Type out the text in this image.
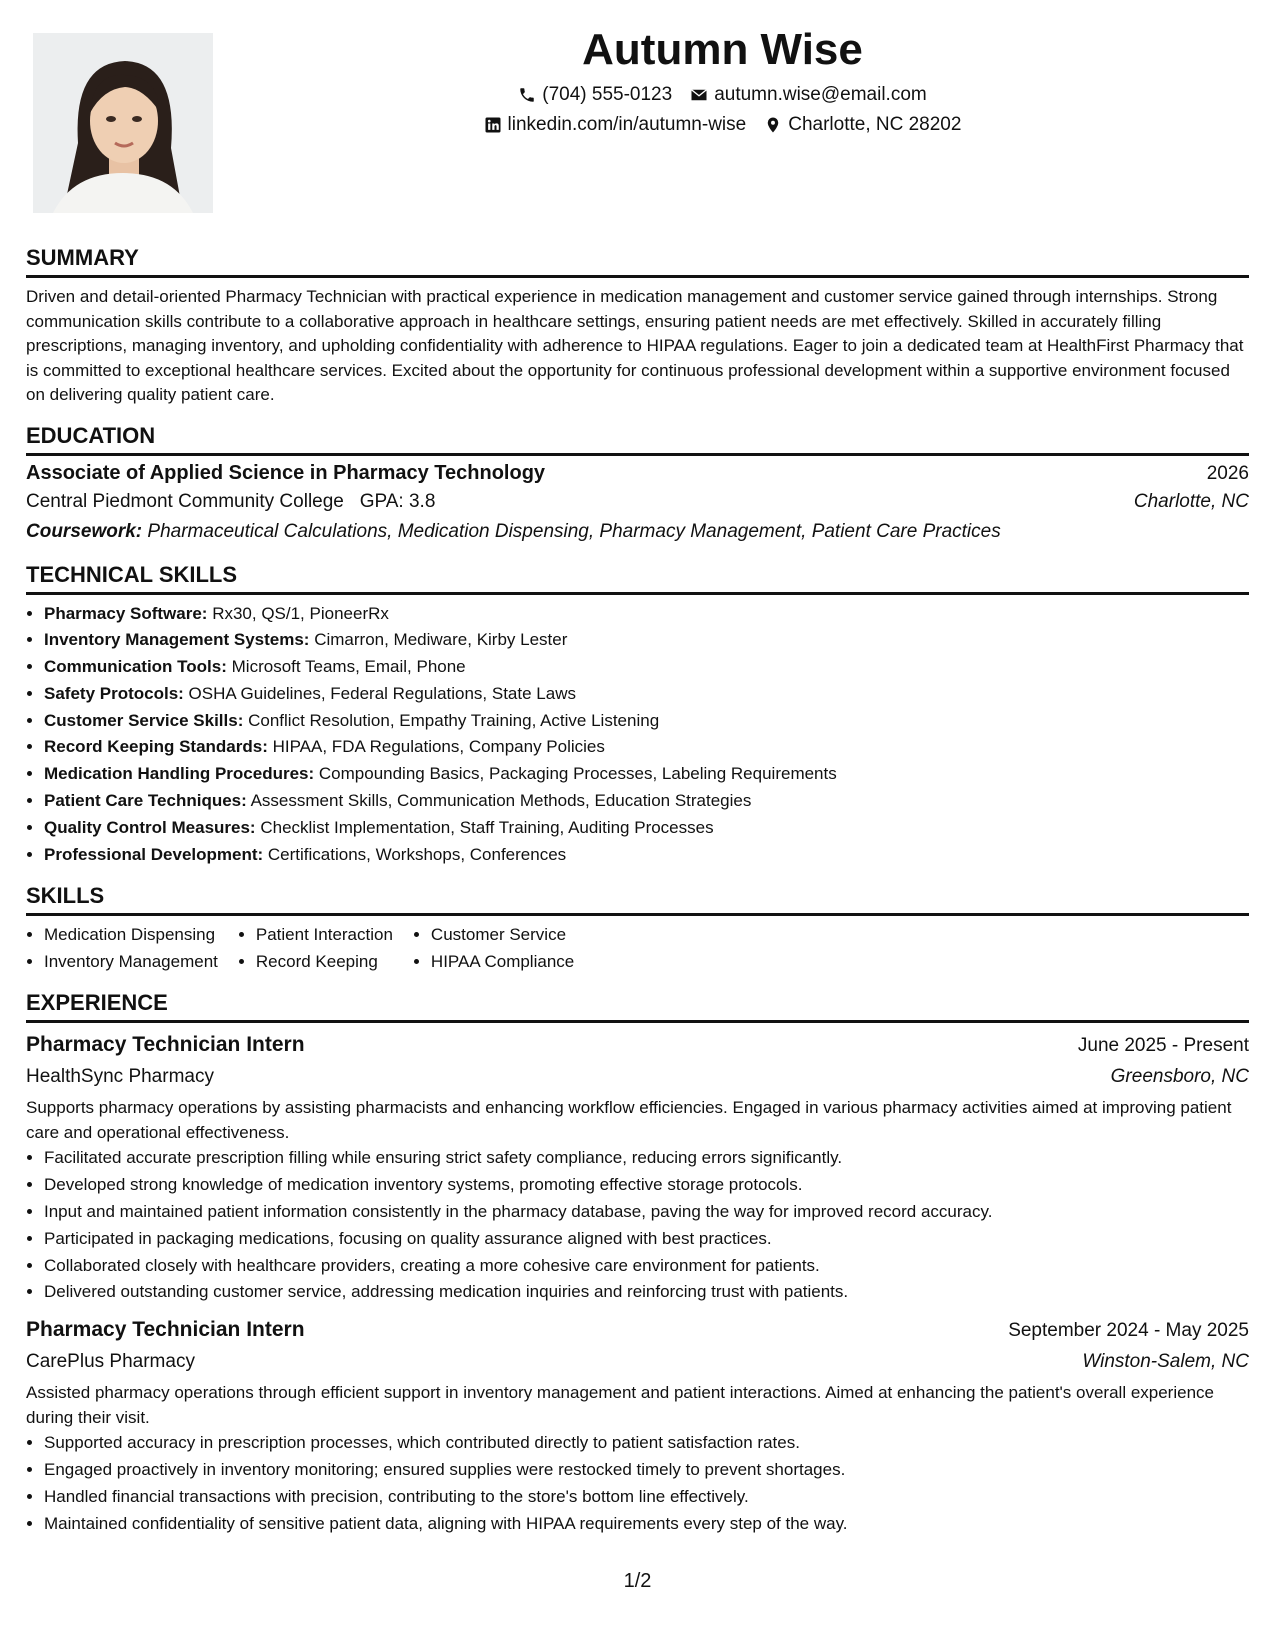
Autumn Wise
(704) 555-0123 autumn.wise@email.com
linkedin.com/in/autumn-wise Charlotte, NC 28202
SUMMARY

Driven and detail-oriented Pharmacy Technician with practical experience in medication management and customer service gained through internships. Strong communication skills contribute to a collaborative approach in healthcare settings, ensuring patient needs are met effectively. Skilled in accurately filling prescriptions, managing inventory, and upholding confidentiality with adherence to HIPAA regulations. Eager to join a dedicated team at HealthFirst Pharmacy that is committed to exceptional healthcare services. Excited about the opportunity for continuous professional development within a supportive environment focused on delivering quality patient care.

EDUCATION
Associate of Applied Science in Pharmacy Technology	2026
Central Piedmont Community College GPA: 3.8	Charlotte, NC
Coursework: Pharmaceutical Calculations, Medication Dispensing, Pharmacy Management, Patient Care Practices
TECHNICAL SKILLS
• Pharmacy Software: Rx30, QS/1, PioneerRx
• Inventory Management Systems: Cimarron, Mediware, Kirby Lester
• Communication Tools: Microsoft Teams, Email, Phone
• Safety Protocols: OSHA Guidelines, Federal Regulations, State Laws
• Customer Service Skills: Conflict Resolution, Empathy Training, Active Listening
• Record Keeping Standards: HIPAA, FDA Regulations, Company Policies
• Medication Handling Procedures: Compounding Basics, Packaging Processes, Labeling Requirements
• Patient Care Techniques: Assessment Skills, Communication Methods, Education Strategies
• Quality Control Measures: Checklist Implementation, Staff Training, Auditing Processes
• Professional Development: Certifications, Workshops, Conferences
SKILLS
• Medication Dispensing
• Inventory Management
• Patient Interaction
• Record Keeping
• Customer Service
• HIPAA Compliance
EXPERIENCE
Pharmacy Technician Intern	June 2025 - Present
HealthSync Pharmacy	Greensboro, NC
Supports pharmacy operations by assisting pharmacists and enhancing workflow efficiencies. Engaged in various pharmacy activities aimed at improving patient care and operational effectiveness.
• Facilitated accurate prescription filling while ensuring strict safety compliance, reducing errors significantly.
• Developed strong knowledge of medication inventory systems, promoting effective storage protocols.
• Input and maintained patient information consistently in the pharmacy database, paving the way for improved record accuracy.
• Participated in packaging medications, focusing on quality assurance aligned with best practices.
• Collaborated closely with healthcare providers, creating a more cohesive care environment for patients.
• Delivered outstanding customer service, addressing medication inquiries and reinforcing trust with patients.
Pharmacy Technician Intern	September 2024 - May 2025
CarePlus Pharmacy	Winston-Salem, NC
Assisted pharmacy operations through efficient support in inventory management and patient interactions. Aimed at enhancing the patient's overall experience during their visit.
• Supported accuracy in prescription processes, which contributed directly to patient satisfaction rates.
• Engaged proactively in inventory monitoring; ensured supplies were restocked timely to prevent shortages.
• Handled financial transactions with precision, contributing to the store's bottom line effectively.
• Maintained confidentiality of sensitive patient data, aligning with HIPAA requirements every step of the way.
1/2
